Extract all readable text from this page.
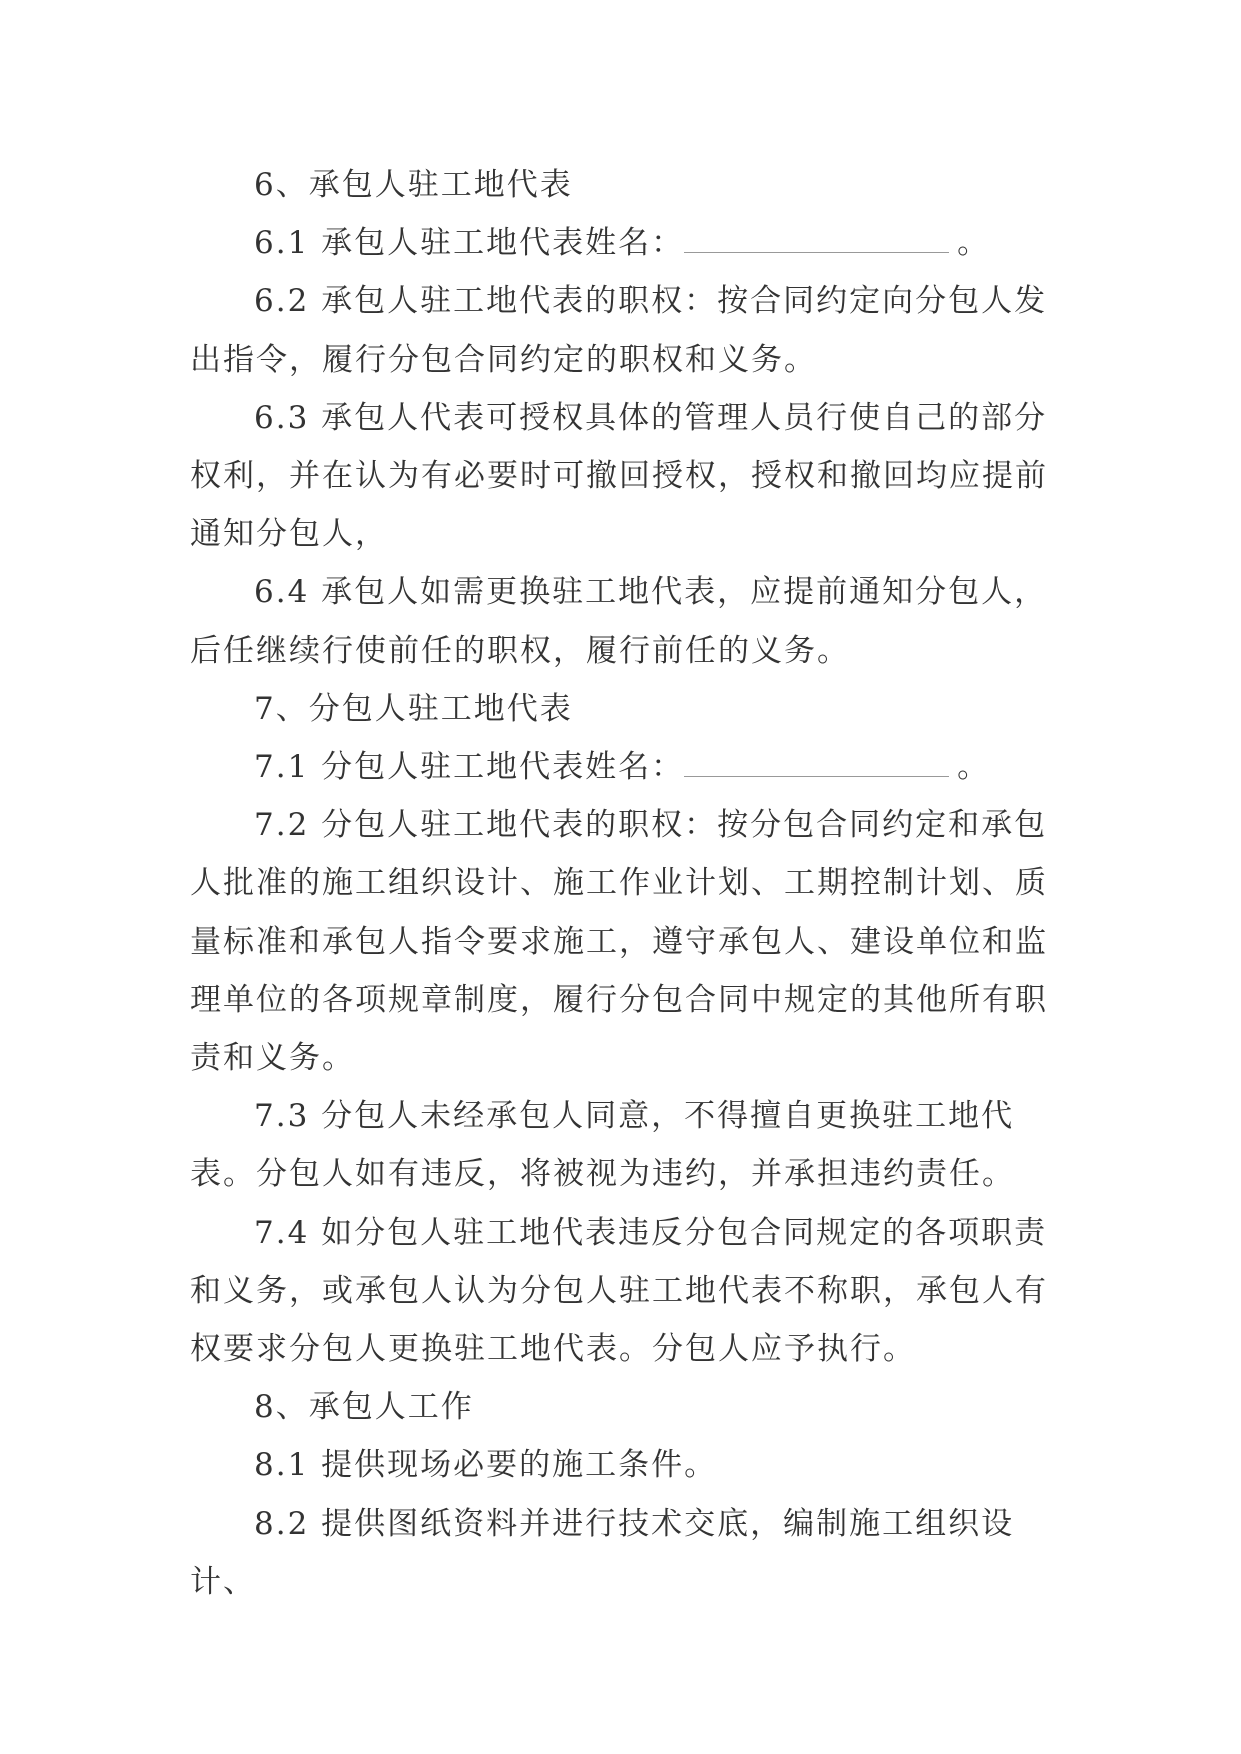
6、承包人驻工地代表

6.1 承包人驻工地代表姓名：	。

6.2 承包人驻工地代表的职权：按合同约定向分包人发出指令，履行分包合同约定的职权和义务。

6.3 承包人代表可授权具体的管理人员行使自己的部分权利，并在认为有必要时可撤回授权，授权和撤回均应提前通知分包人，

6.4 承包人如需更换驻工地代表，应提前通知分包人，后任继续行使前任的职权，履行前任的义务。

7、分包人驻工地代表

7.1 分包人驻工地代表姓名：	。

7.2 分包人驻工地代表的职权：按分包合同约定和承包人批准的施工组织设计、施工作业计划、工期控制计划、质量标准和承包人指令要求施工，遵守承包人、建设单位和监理单位的各项规章制度，履行分包合同中规定的其他所有职责和义务。

7.3 分包人未经承包人同意，不得擅自更换驻工地代表。分包人如有违反，将被视为违约，并承担违约责任。

7.4 如分包人驻工地代表违反分包合同规定的各项职责和义务，或承包人认为分包人驻工地代表不称职，承包人有权要求分包人更换驻工地代表。分包人应予执行。

8、承包人工作

8.1 提供现场必要的施工条件。

8.2 提供图纸资料并进行技术交底，编制施工组织设计、
